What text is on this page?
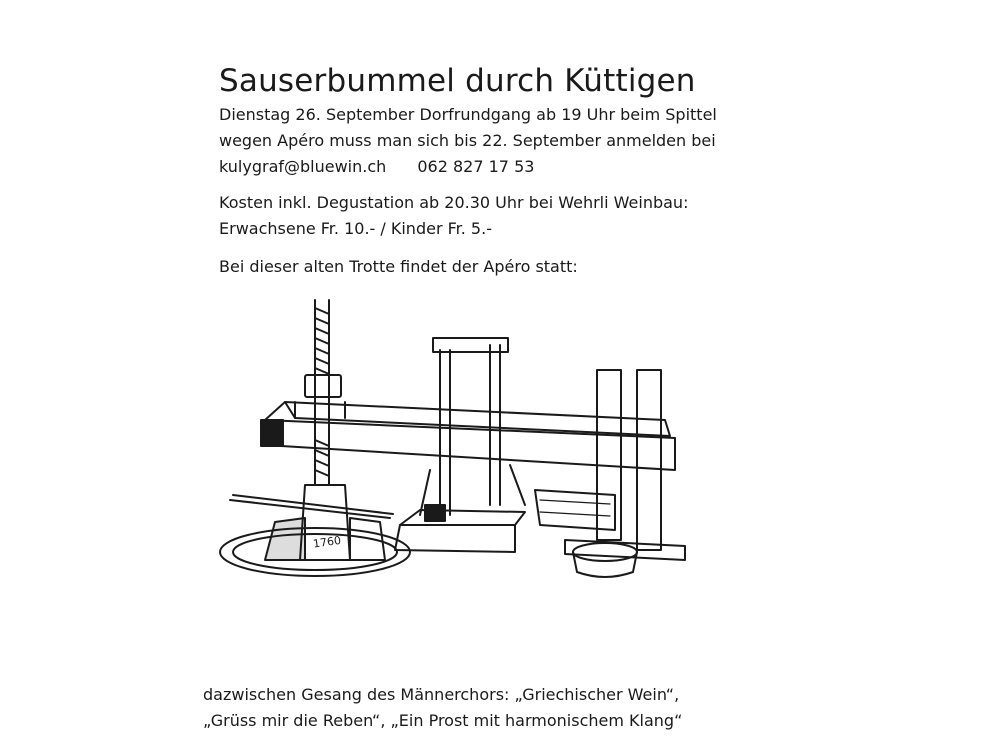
Sauserbummel durch Küttigen
Dienstag 26. September Dorfrundgang ab 19 Uhr beim Spittel
wegen Apéro muss man sich bis 22. September anmelden bei
kulygraf@bluewin.ch 062 827 17 53
Kosten inkl. Degustation ab 20.30 Uhr bei Wehrli Weinbau:
Erwachsene Fr. 10.- / Kinder Fr. 5.-
Bei dieser alten Trotte findet der Apéro statt:
1760
dazwischen Gesang des Männerchors: „Griechischer Wein“,
„Grüss mir die Reben“, „Ein Prost mit harmonischem Klang“
